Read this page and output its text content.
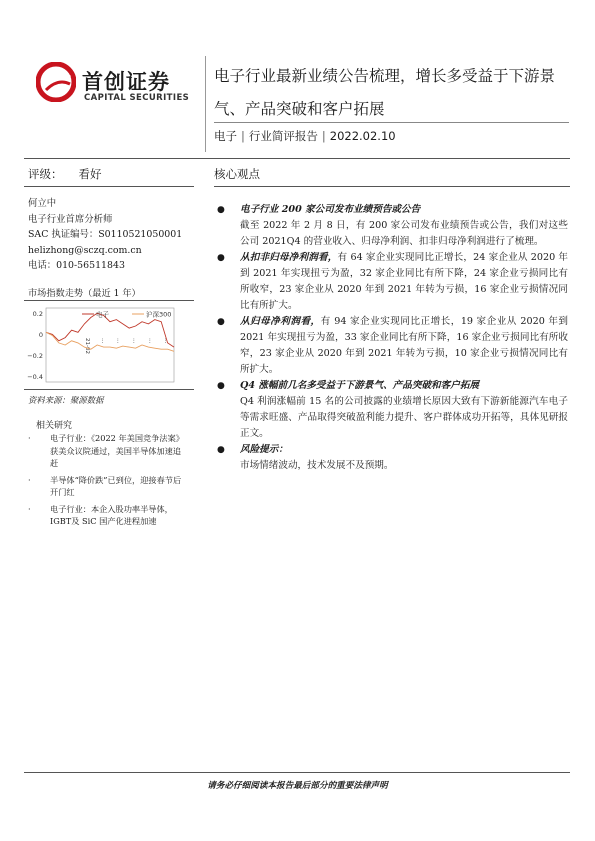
首创证券
CAPITAL SECURITIES
电子行业最新业绩公告梳理，增长多受益于下游景气、产品突破和客户拓展
电子 | 行业简评报告 | 2022.02.10
评级： 看好
何立中
电子行业首席分析师
SAC 执证编号：S0110521050001
helizhong@sczq.com.cn
电话：010-56511843
市场指数走势（最近 1 年）
0.2
0
−0.2
−0.4
21-02 … … … … …
电子	沪深300
资料来源：聚源数据
相关研究
· 电子行业：《2022 年美国竞争法案》获美众议院通过，美国半导体加速追赶
· 半导体“降价跌”已到位，迎接春节后开门红
· 电子行业：本企入股功率半导体，IGBT及 SiC 国产化进程加速
核心观点
● 电子行业 200 家公司发布业绩预告或公告

截至 2022 年 2 月 8 日，有 200 家公司发布业绩预告或公告，我们对这些公司 2021Q4 的营业收入、归母净利润、扣非归母净利润进行了梳理。

● 从扣非归母净利润看，有 64 家企业实现同比正增长，24 家企业从 2020 年到 2021 年实现扭亏为盈，32 家企业同比有所下降，24 家企业亏损同比有所收窄，23 家企业从 2020 年到 2021 年转为亏损，16 家企业亏损情况同比有所扩大。

● 从归母净利润看，有 94 家企业实现同比正增长，19 家企业从 2020 年到 2021 年实现扭亏为盈，33 家企业同比有所下降，16 家企业亏损同比有所收窄，23 家企业从 2020 年到 2021 年转为亏损，10 家企业亏损情况同比有所扩大。

● Q4 涨幅前几名多受益于下游景气、产品突破和客户拓展

Q4 利润涨幅前 15 名的公司披露的业绩增长原因大致有下游新能源汽车电子等需求旺盛、产品取得突破盈利能力提升、客户群体成功开拓等，具体见研报正文。

● 风险提示：

市场情绪波动，技术发展不及预期。

请务必仔细阅读本报告最后部分的重要法律声明
